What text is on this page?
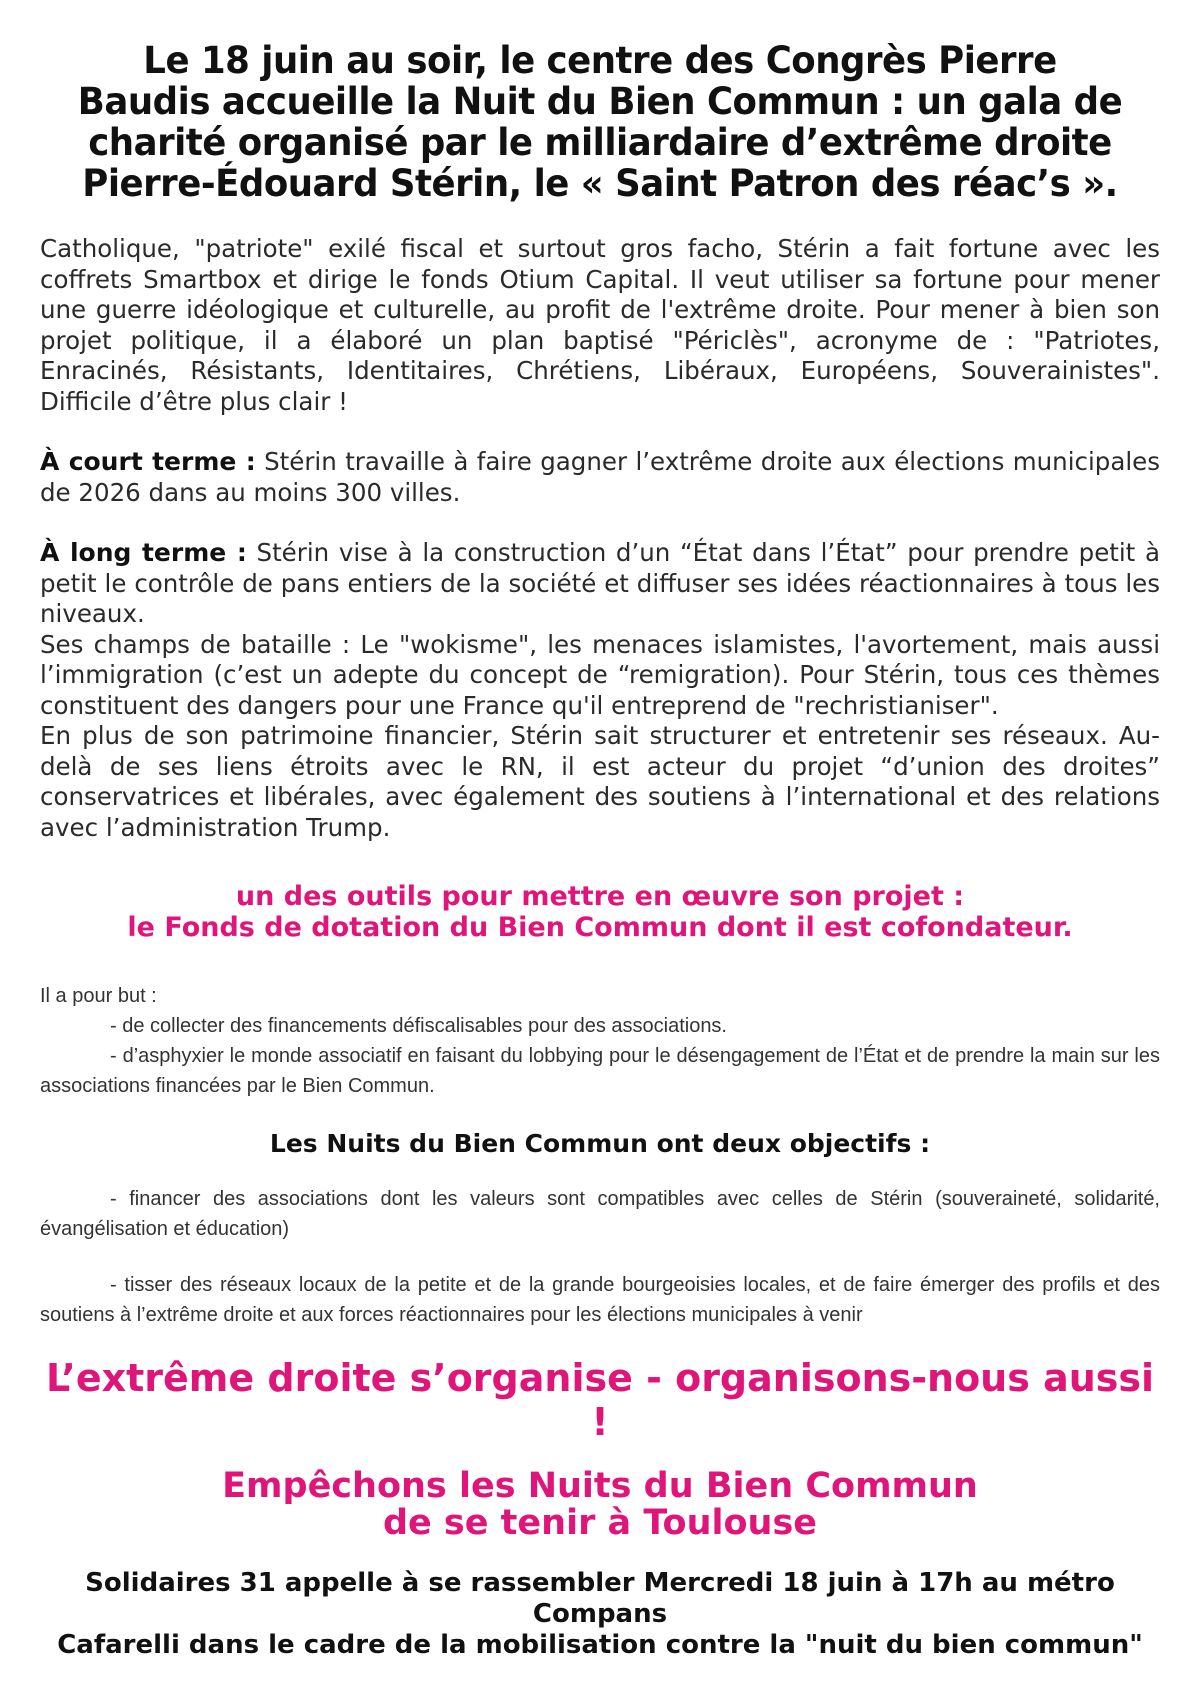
Le 18 juin au soir, le centre des Congrès Pierre Baudis accueille la Nuit du Bien Commun : un gala de charité organisé par le milliardaire d’extrême droite Pierre-Édouard Stérin, le « Saint Patron des réac’s ».

Catholique, "patriote" exilé fiscal et surtout gros facho, Stérin a fait fortune avec les coffrets Smartbox et dirige le fonds Otium Capital. Il veut utiliser sa fortune pour mener une guerre idéologique et culturelle, au profit de l'extrême droite. Pour mener à bien son projet politique, il a élaboré un plan baptisé "Périclès", acronyme de : "Patriotes, Enracinés, Résistants, Identitaires, Chrétiens, Libéraux, Européens, Souverainistes". Difficile d’être plus clair !

À court terme : Stérin travaille à faire gagner l’extrême droite aux élections municipales de 2026 dans au moins 300 villes.

À long terme : Stérin vise à la construction d’un “État dans l’État” pour prendre petit à petit le contrôle de pans entiers de la société et diffuser ses idées réactionnaires à tous les niveaux.

Ses champs de bataille : Le "wokisme", les menaces islamistes, l'avortement, mais aussi l’immigration (c’est un adepte du concept de “remigration). Pour Stérin, tous ces thèmes constituent des dangers pour une France qu'il entreprend de "rechristianiser".

En plus de son patrimoine financier, Stérin sait structurer et entretenir ses réseaux. Au-delà de ses liens étroits avec le RN, il est acteur du projet “d’union des droites” conservatrices et libérales, avec également des soutiens à l’international et des relations avec l’administration Trump.

un des outils pour mettre en œuvre son projet :
le Fonds de dotation du Bien Commun dont il est cofondateur.

Il a pour but :

- de collecter des financements défiscalisables pour des associations.

- d’asphyxier le monde associatif en faisant du lobbying pour le désengagement de l’État et de prendre la main sur les associations financées par le Bien Commun.

Les Nuits du Bien Commun ont deux objectifs :

- financer des associations dont les valeurs sont compatibles avec celles de Stérin (souveraineté, solidarité, évangélisation et éducation)

- tisser des réseaux locaux de la petite et de la grande bourgeoisies locales, et de faire émerger des profils et des soutiens à l’extrême droite et aux forces réactionnaires pour les élections municipales à venir

L’extrême droite s’organise - organisons-nous aussi !
Empêchons les Nuits du Bien Commun
de se tenir à Toulouse
Solidaires 31 appelle à se rassembler Mercredi 18 juin à 17h au métro Compans
Cafarelli dans le cadre de la mobilisation contre la "nuit du bien commun"
